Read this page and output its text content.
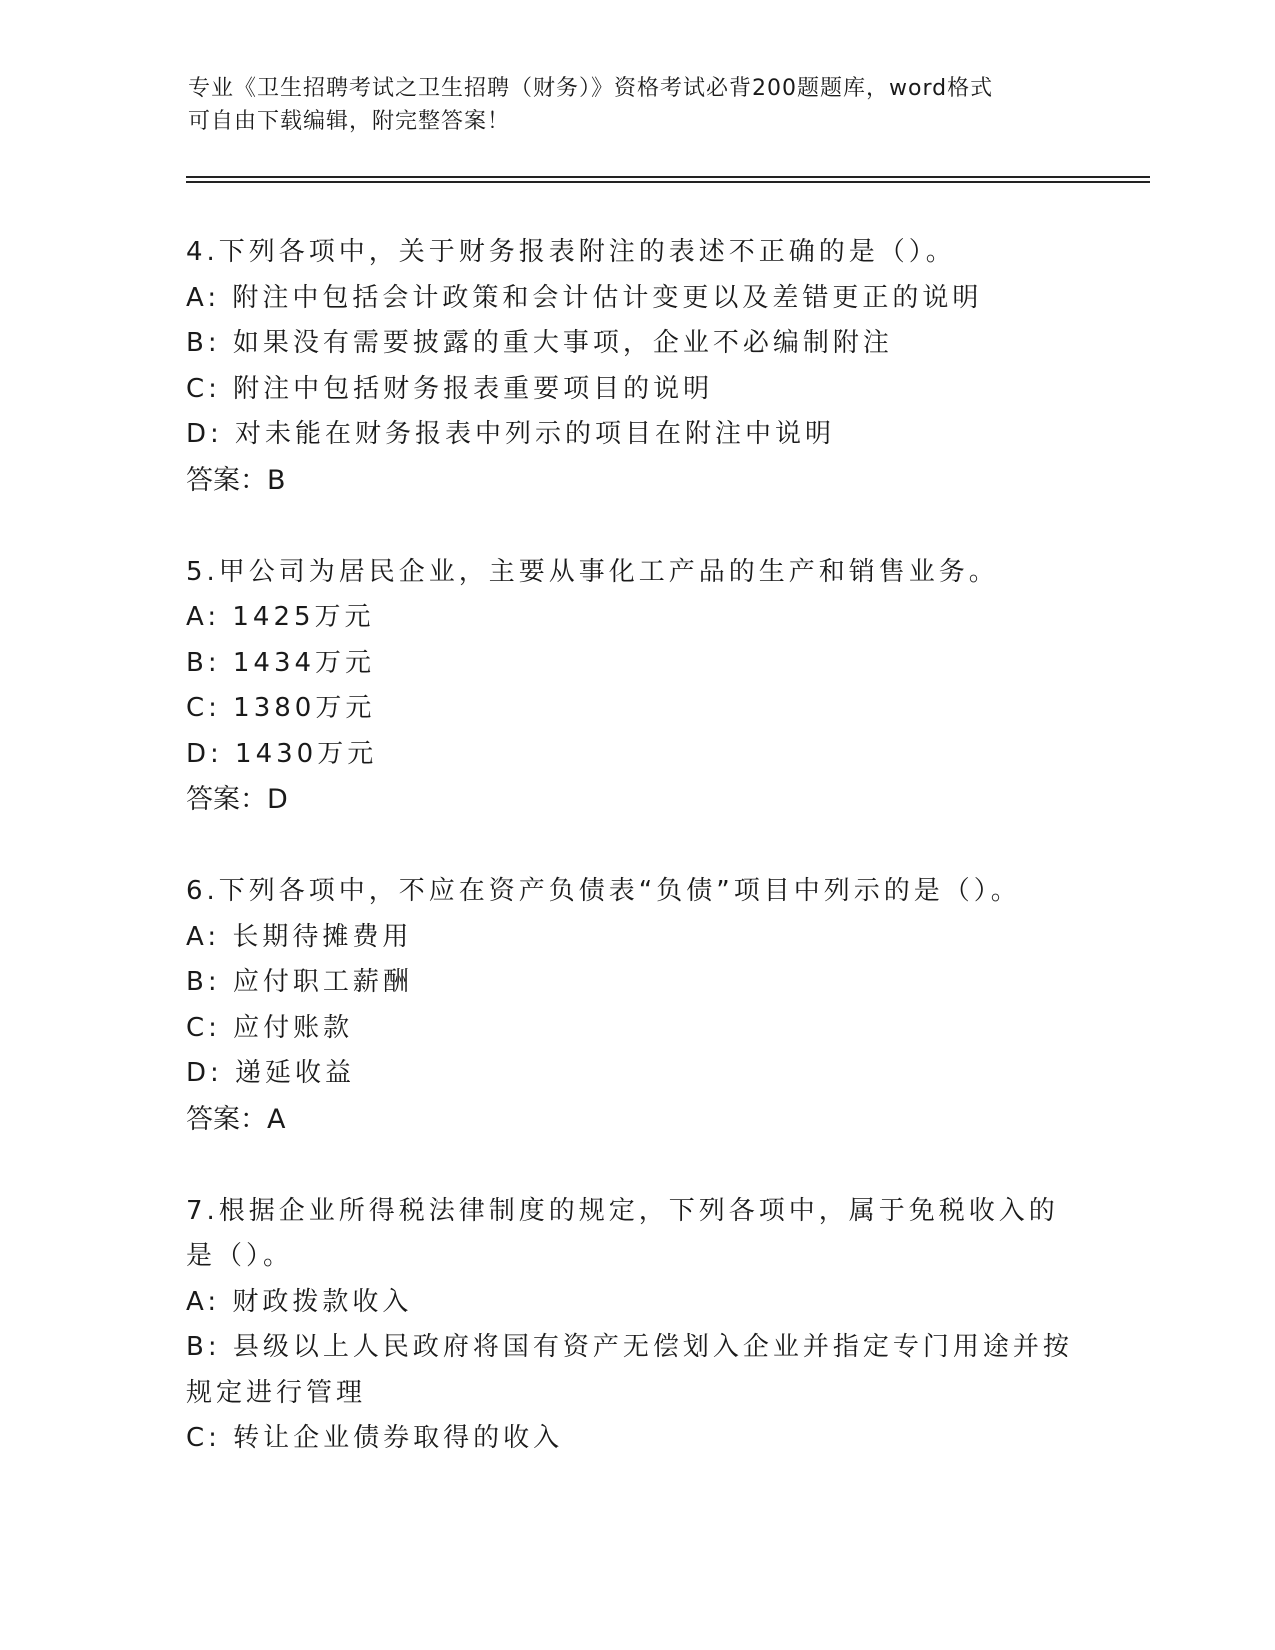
专业《卫生招聘考试之卫生招聘（财务）》资格考试必背200题题库，word格式
可自由下载编辑，附完整答案！
4.下列各项中，关于财务报表附注的表述不正确的是（）。
A: 附注中包括会计政策和会计估计变更以及差错更正的说明
B: 如果没有需要披露的重大事项，企业不必编制附注
C: 附注中包括财务报表重要项目的说明
D: 对未能在财务报表中列示的项目在附注中说明
答案：B
5.甲公司为居民企业，主要从事化工产品的生产和销售业务。
A: 1425万元
B: 1434万元
C: 1380万元
D: 1430万元
答案：D
6.下列各项中，不应在资产负债表“负债”项目中列示的是（）。
A: 长期待摊费用
B: 应付职工薪酬
C: 应付账款
D: 递延收益
答案：A
7.根据企业所得税法律制度的规定，下列各项中，属于免税收入的是（）。
A: 财政拨款收入
B: 县级以上人民政府将国有资产无偿划入企业并指定专门用途并按规定进行管理
C: 转让企业债券取得的收入
